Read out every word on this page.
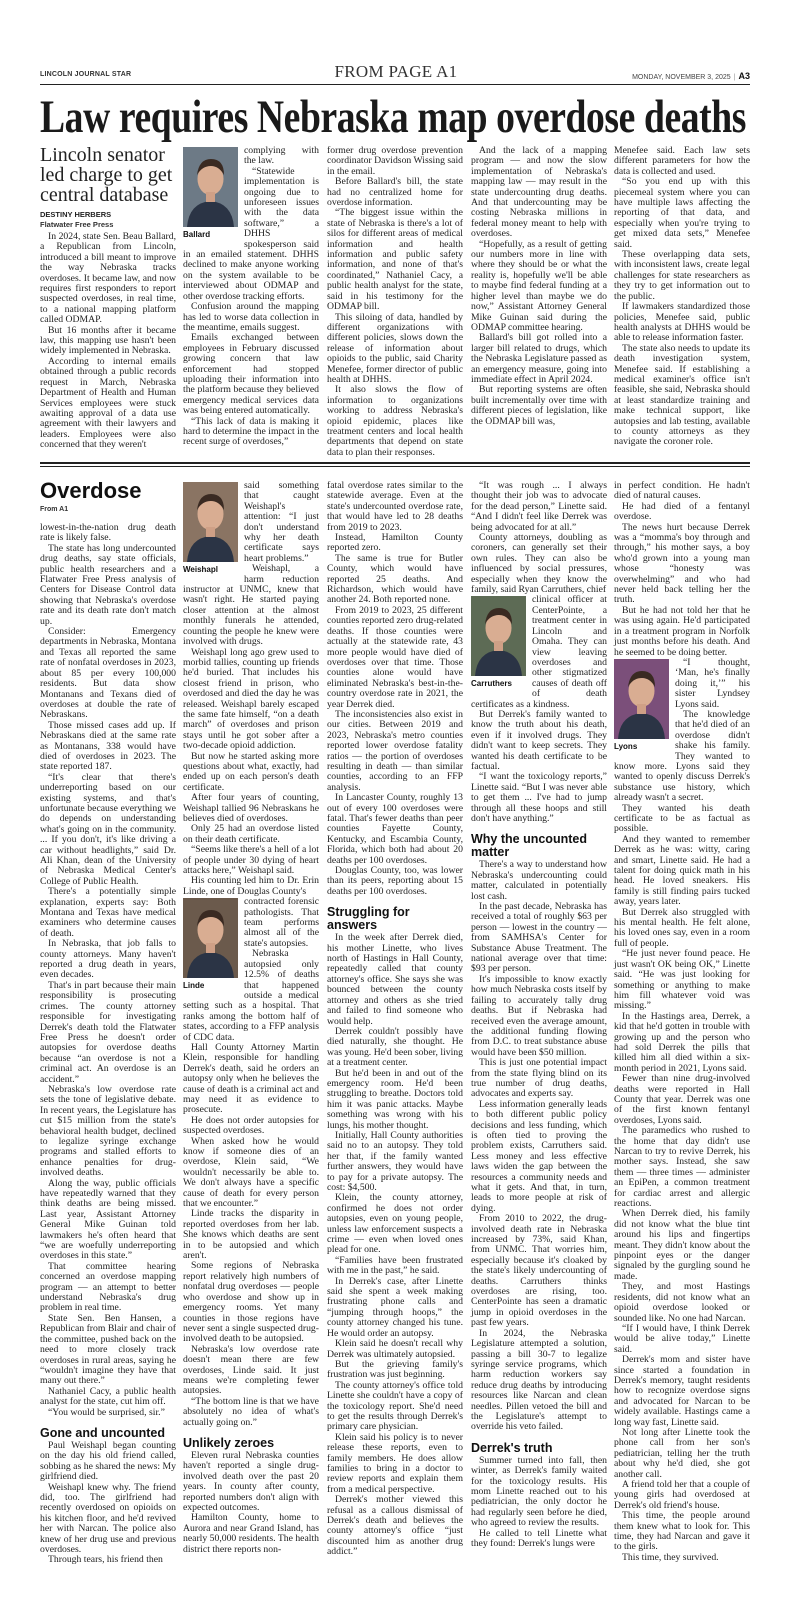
LINCOLN JOURNAL STAR	FROM PAGE A1	MONDAY, NOVEMBER 3, 2025 | A3
Law requires Nebraska map overdose deaths
Lincoln senator
led charge to get
central database
DESTINY HERBERS
Flatwater Free Press

In 2024, state Sen. Beau Ballard, a Republican from Lincoln, introduced a bill meant to improve the way Nebraska tracks overdoses. It became law, and now requires first responders to report suspected overdoses, in real time, to a national mapping platform called ODMAP.

But 16 months after it became law, this mapping use hasn't been widely implemented in Nebraska.

According to internal emails obtained through a public records request in March, Nebraska Department of Health and Human Services employees were stuck awaiting approval of a data use agreement with their lawyers and leaders. Employees were also concerned that they weren't

Ballard

complying with the law.

“Statewide implementation is ongoing due to unforeseen issues with the data software,” a DHHS spokesperson said in an emailed statement. DHHS declined to make anyone working on the system available to be interviewed about ODMAP and other overdose tracking efforts.

Confusion around the mapping has led to worse data collection in the meantime, emails suggest.

Emails exchanged between employees in February discussed growing concern that law enforcement had stopped uploading their information into the platform because they believed emergency medical services data was being entered automatically.

“This lack of data is making it hard to determine the impact in the recent surge of overdoses,”

former drug overdose prevention coordinator Davidson Wissing said in the email.

Before Ballard's bill, the state had no centralized home for overdose information.

“The biggest issue within the state of Nebraska is there's a lot of silos for different areas of medical information and health information and public safety information, and none of that's coordinated,” Nathaniel Cacy, a public health analyst for the state, said in his testimony for the ODMAP bill.

This siloing of data, handled by different organizations with different policies, slows down the release of information about opioids to the public, said Charity Menefee, former director of public health at DHHS.

It also slows the flow of information to organizations working to address Nebraska's opioid epidemic, places like treatment centers and local health departments that depend on state data to plan their responses.

And the lack of a mapping program — and now the slow implementation of Nebraska's mapping law — may result in the state undercounting drug deaths. And that undercounting may be costing Nebraska millions in federal money meant to help with overdoses.

“Hopefully, as a result of getting our numbers more in line with where they should be or what the reality is, hopefully we'll be able to maybe find federal funding at a higher level than maybe we do now,” Assistant Attorney General Mike Guinan said during the ODMAP committee hearing.

Ballard's bill got rolled into a larger bill related to drugs, which the Nebraska Legislature passed as an emergency measure, going into immediate effect in April 2024.

But reporting systems are often built incrementally over time with different pieces of legislation, like the ODMAP bill was,

Menefee said. Each law sets different parameters for how the data is collected and used.

“So you end up with this piecemeal system where you can have multiple laws affecting the reporting of that data, and especially when you're trying to get mixed data sets,” Menefee said.

These overlapping data sets, with inconsistent laws, create legal challenges for state researchers as they try to get information out to the public.

If lawmakers standardized those policies, Menefee said, public health analysts at DHHS would be able to release information faster.

The state also needs to update its death investigation system, Menefee said. If establishing a medical examiner's office isn't feasible, she said, Nebraska should at least standardize training and make technical support, like autopsies and lab testing, available to county attorneys as they navigate the coroner role.

Overdose
From A1

lowest-in-the-nation drug death rate is likely false.

The state has long undercounted drug deaths, say state officials, public health researchers and a Flatwater Free Press analysis of Centers for Disease Control data showing that Nebraska's overdose rate and its death rate don't match up.

Consider: Emergency departments in Nebraska, Montana and Texas all reported the same rate of nonfatal overdoses in 2023, about 85 per every 100,000 residents. But data show Montanans and Texans died of overdoses at double the rate of Nebraskans.

Those missed cases add up. If Nebraskans died at the same rate as Montanans, 338 would have died of overdoses in 2023. The state reported 187.

“It's clear that there's underreporting based on our existing systems, and that's unfortunate because everything we do depends on understanding what's going on in the community. ... If you don't, it's like driving a car without headlights,” said Dr. Ali Khan, dean of the University of Nebraska Medical Center's College of Public Health.

There's a potentially simple explanation, experts say: Both Montana and Texas have medical examiners who determine causes of death.

In Nebraska, that job falls to county attorneys. Many haven't reported a drug death in years, even decades.

That's in part because their main responsibility is prosecuting crimes. The county attorney responsible for investigating Derrek's death told the Flatwater Free Press he doesn't order autopsies for overdose deaths because “an overdose is not a criminal act. An overdose is an accident.”

Nebraska's low overdose rate sets the tone of legislative debate. In recent years, the Legislature has cut $15 million from the state's behavioral health budget, declined to legalize syringe exchange programs and stalled efforts to enhance penalties for drug-involved deaths.

Along the way, public officials have repeatedly warned that they think deaths are being missed. Last year, Assistant Attorney General Mike Guinan told lawmakers he's often heard that “we are woefully underreporting overdoses in this state.”

That committee hearing concerned an overdose mapping program — an attempt to better understand Nebraska's drug problem in real time.

State Sen. Ben Hansen, a Republican from Blair and chair of the committee, pushed back on the need to more closely track overdoses in rural areas, saying he “wouldn't imagine they have that many out there.”

Nathaniel Cacy, a public health analyst for the state, cut him off.

“You would be surprised, sir.”

Gone and uncounted

Paul Weishapl began counting on the day his old friend called, sobbing as he shared the news: My girlfriend died.

Weishapl knew why. The friend did, too. The girlfriend had recently overdosed on opioids on his kitchen floor, and he'd revived her with Narcan. The police also knew of her drug use and previous overdoses.

Through tears, his friend then

Weishapl

said something that caught Weishapl's attention: “I just don't understand why her death certificate says heart problems.”

Weishapl, a harm reduction instructor at UNMC, knew that wasn't right. He started paying closer attention at the almost monthly funerals he attended, counting the people he knew were involved with drugs.

Weishapl long ago grew used to morbid tallies, counting up friends he'd buried. That includes his closest friend in prison, who overdosed and died the day he was released. Weishapl barely escaped the same fate himself, “on a death march” of overdoses and prison stays until he got sober after a two-decade opioid addiction.

But now he started asking more questions about what, exactly, had ended up on each person's death certificate.

After four years of counting, Weishapl tallied 96 Nebraskans he believes died of overdoses.

Only 25 had an overdose listed on their death certificate.

“Seems like there's a hell of a lot of people under 30 dying of heart attacks here,” Weishapl said.

His counting led him to Dr. Erin Linde, one of Douglas County's

Linde

contracted forensic pathologists. That team performs almost all of the state's autopsies.

Nebraska autopsied only 12.5% of deaths that happened outside a medical setting such as a hospital. That ranks among the bottom half of states, according to a FFP analysis of CDC data.

Hall County Attorney Martin Klein, responsible for handling Derrek's death, said he orders an autopsy only when he believes the cause of death is a criminal act and may need it as evidence to prosecute.

He does not order autopsies for suspected overdoses.

When asked how he would know if someone dies of an overdose, Klein said, “We wouldn't necessarily be able to. We don't always have a specific cause of death for every person that we encounter.”

Linde tracks the disparity in reported overdoses from her lab. She knows which deaths are sent in to be autopsied and which aren't.

Some regions of Nebraska report relatively high numbers of nonfatal drug overdoses — people who overdose and show up in emergency rooms. Yet many counties in those regions have never sent a single suspected drug-involved death to be autopsied.

Nebraska's low overdose rate doesn't mean there are few overdoses, Linde said. It just means we're completing fewer autopsies.

“The bottom line is that we have absolutely no idea of what's actually going on.”

Unlikely zeroes

Eleven rural Nebraska counties haven't reported a single drug-involved death over the past 20 years. In county after county, reported numbers don't align with expected outcomes.

Hamilton County, home to Aurora and near Grand Island, has nearly 50,000 residents. The health district there reports non-

fatal overdose rates similar to the statewide average. Even at the state's undercounted overdose rate, that would have led to 28 deaths from 2019 to 2023.

Instead, Hamilton County reported zero.

The same is true for Butler County, which would have reported 25 deaths. And Richardson, which would have another 24. Both reported none.

From 2019 to 2023, 25 different counties reported zero drug-related deaths. If those counties were actually at the statewide rate, 43 more people would have died of overdoses over that time. Those counties alone would have eliminated Nebraska's best-in-the-country overdose rate in 2021, the year Derrek died.

The inconsistencies also exist in our cities. Between 2019 and 2023, Nebraska's metro counties reported lower overdose fatality ratios — the portion of overdoses resulting in death — than similar counties, according to an FFP analysis.

In Lancaster County, roughly 13 out of every 100 overdoses were fatal. That's fewer deaths than peer counties Fayette County, Kentucky, and Escambia County, Florida, which both had about 20 deaths per 100 overdoses.

Douglas County, too, was lower than its peers, reporting about 15 deaths per 100 overdoses.

Struggling for answers

In the week after Derrek died, his mother Linette, who lives north of Hastings in Hall County, repeatedly called that county attorney's office. She says she was bounced between the county attorney and others as she tried and failed to find someone who would help.

Derrek couldn't possibly have died naturally, she thought. He was young. He'd been sober, living at a treatment center.

But he'd been in and out of the emergency room. He'd been struggling to breathe. Doctors told him it was panic attacks. Maybe something was wrong with his lungs, his mother thought.

Initially, Hall County authorities said no to an autopsy. They told her that, if the family wanted further answers, they would have to pay for a private autopsy. The cost: $4,500.

Klein, the county attorney, confirmed he does not order autopsies, even on young people, unless law enforcement suspects a crime — even when loved ones plead for one.

“Families have been frustrated with me in the past,” he said.

In Derrek's case, after Linette said she spent a week making frustrating phone calls and “jumping through hoops,” the county attorney changed his tune. He would order an autopsy.

Klein said he doesn't recall why Derrek was ultimately autopsied.

But the grieving family's frustration was just beginning.

The county attorney's office told Linette she couldn't have a copy of the toxicology report. She'd need to get the results through Derrek's primary care physician.

Klein said his policy is to never release these reports, even to family members. He does allow families to bring in a doctor to review reports and explain them from a medical perspective.

Derrek's mother viewed this refusal as a callous dismissal of Derrek's death and believes the county attorney's office “just discounted him as another drug addict.”

“It was rough ... I always thought their job was to advocate for the dead person,” Linette said. “And I didn't feel like Derrek was being advocated for at all.”

County attorneys, doubling as coroners, can generally set their own rules. They can also be influenced by social pressures, especially when they know the family, said Ryan Carruthers, chief

Carruthers

clinical officer at CenterPointe, a treatment center in Lincoln and Omaha. They can view leaving overdoses and other stigmatized causes of death off of death certificates as a kindness.

But Derrek's family wanted to know the truth about his death, even if it involved drugs. They didn't want to keep secrets. They wanted his death certificate to be factual.

“I want the toxicology reports,” Linette said. “But I was never able to get them ... I've had to jump through all these hoops and still don't have anything.”

Why the uncounted matter

There's a way to understand how Nebraska's undercounting could matter, calculated in potentially lost cash.

In the past decade, Nebraska has received a total of roughly $63 per person — lowest in the country — from SAMHSA's Center for Substance Abuse Treatment. The national average over that time: $93 per person.

It's impossible to know exactly how much Nebraska costs itself by failing to accurately tally drug deaths. But if Nebraska had received even the average amount, the additional funding flowing from D.C. to treat substance abuse would have been $50 million.

This is just one potential impact from the state flying blind on its true number of drug deaths, advocates and experts say.

Less information generally leads to both different public policy decisions and less funding, which is often tied to proving the problem exists, Carruthers said. Less money and less effective laws widen the gap between the resources a community needs and what it gets. And that, in turn, leads to more people at risk of dying.

From 2010 to 2022, the drug-involved death rate in Nebraska increased by 73%, said Khan, from UNMC. That worries him, especially because it's cloaked by the state's likely undercounting of deaths. Carruthers thinks overdoses are rising, too. CenterPointe has seen a dramatic jump in opioid overdoses in the past few years.

In 2024, the Nebraska Legislature attempted a solution, passing a bill 30-7 to legalize syringe service programs, which harm reduction workers say reduce drug deaths by introducing resources like Narcan and clean needles. Pillen vetoed the bill and the Legislature's attempt to override his veto failed.

Derrek's truth

Summer turned into fall, then winter, as Derrek's family waited for the toxicology results. His mom Linette reached out to his pediatrician, the only doctor he had regularly seen before he died, who agreed to review the results.

He called to tell Linette what they found: Derrek's lungs were

in perfect condition. He hadn't died of natural causes.

He had died of a fentanyl overdose.

The news hurt because Derrek was a “momma's boy through and through,” his mother says, a boy who'd grown into a young man whose “honesty was overwhelming” and who had never held back telling her the truth.

But he had not told her that he was using again. He'd participated in a treatment program in Norfolk just months before his death. And he seemed to be doing better.

Lyons

“I thought, ‘Man, he's finally doing it,’” his sister Lyndsey Lyons said.

The knowledge that he'd died of an overdose didn't shake his family. They wanted to know more. Lyons said they wanted to openly discuss Derrek's substance use history, which already wasn't a secret.

They wanted his death certificate to be as factual as possible.

And they wanted to remember Derrek as he was: witty, caring and smart, Linette said. He had a talent for doing quick math in his head. He loved sneakers. His family is still finding pairs tucked away, years later.

But Derrek also struggled with his mental health. He felt alone, his loved ones say, even in a room full of people.

“He just never found peace. He just wasn't OK being OK,” Linette said. “He was just looking for something or anything to make him fill whatever void was missing.”

In the Hastings area, Derrek, a kid that he'd gotten in trouble with growing up and the person who had sold Derrek the pills that killed him all died within a six-month period in 2021, Lyons said.

Fewer than nine drug-involved deaths were reported in Hall County that year. Derrek was one of the first known fentanyl overdoses, Lyons said.

The paramedics who rushed to the home that day didn't use Narcan to try to revive Derrek, his mother says. Instead, she saw them — three times — administer an EpiPen, a common treatment for cardiac arrest and allergic reactions.

When Derrek died, his family did not know what the blue tint around his lips and fingertips meant. They didn't know about the pinpoint eyes or the danger signaled by the gurgling sound he made.

They, and most Hastings residents, did not know what an opioid overdose looked or sounded like. No one had Narcan.

“If I would have, I think Derrek would be alive today,” Linette said.

Derrek's mom and sister have since started a foundation in Derrek's memory, taught residents how to recognize overdose signs and advocated for Narcan to be widely available. Hastings came a long way fast, Linette said.

Not long after Linette took the phone call from her son's pediatrician, telling her the truth about why he'd died, she got another call.

A friend told her that a couple of young girls had overdosed at Derrek's old friend's house.

This time, the people around them knew what to look for. This time, they had Narcan and gave it to the girls.

This time, they survived.
